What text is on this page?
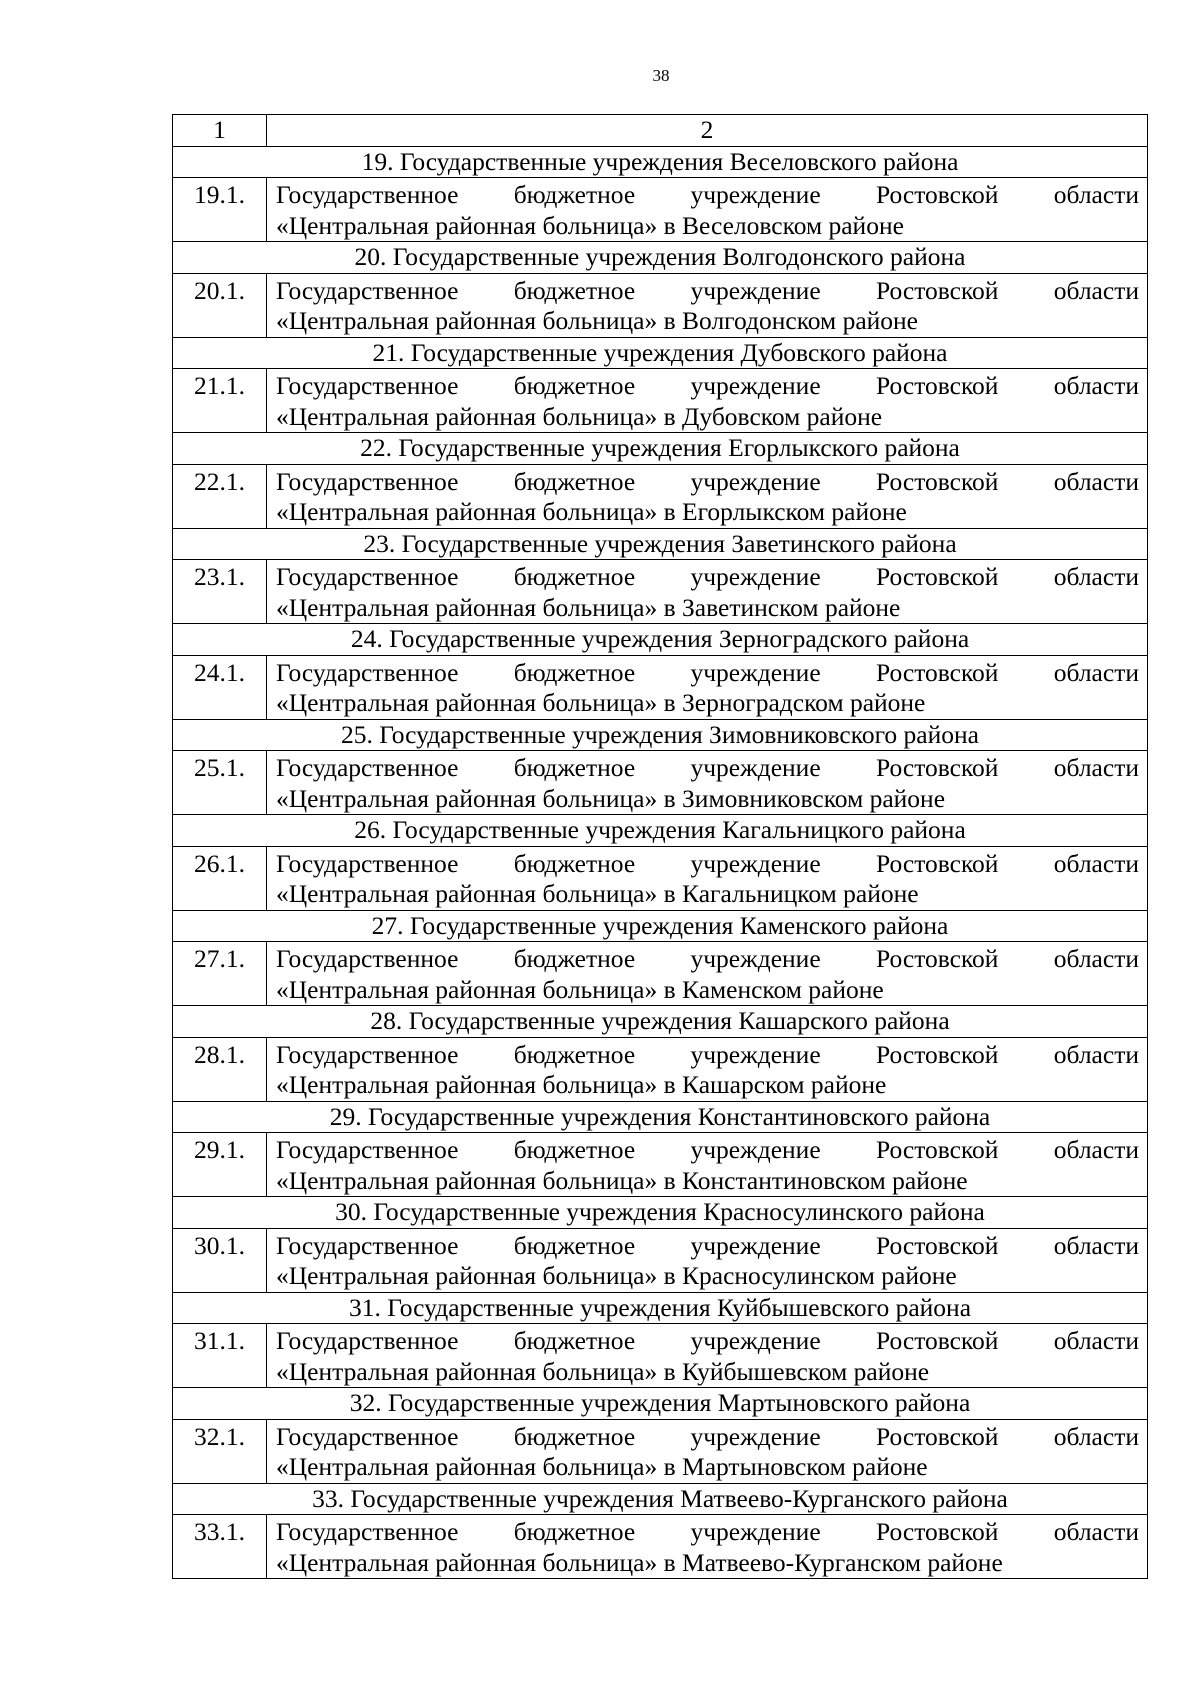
38
1	2
19. Государственные учреждения Веселовского района	
19.1.	Государственное бюджетное учреждение Ростовской области
«Центральная районная больница» в Веселовском районе

20. Государственные учреждения Волгодонского района	
20.1.	Государственное бюджетное учреждение Ростовской области
«Центральная районная больница» в Волгодонском районе

21. Государственные учреждения Дубовского района	
21.1.	Государственное бюджетное учреждение Ростовской области
«Центральная районная больница» в Дубовском районе

22. Государственные учреждения Егорлыкского района	
22.1.	Государственное бюджетное учреждение Ростовской области
«Центральная районная больница» в Егорлыкском районе

23. Государственные учреждения Заветинского района	
23.1.	Государственное бюджетное учреждение Ростовской области
«Центральная районная больница» в Заветинском районе

24. Государственные учреждения Зерноградского района	
24.1.	Государственное бюджетное учреждение Ростовской области
«Центральная районная больница» в Зерноградском районе

25. Государственные учреждения Зимовниковского района	
25.1.	Государственное бюджетное учреждение Ростовской области
«Центральная районная больница» в Зимовниковском районе

26. Государственные учреждения Кагальницкого района	
26.1.	Государственное бюджетное учреждение Ростовской области
«Центральная районная больница» в Кагальницком районе

27. Государственные учреждения Каменского района	
27.1.	Государственное бюджетное учреждение Ростовской области
«Центральная районная больница» в Каменском районе

28. Государственные учреждения Кашарского района	
28.1.	Государственное бюджетное учреждение Ростовской области
«Центральная районная больница» в Кашарском районе

29. Государственные учреждения Константиновского района	
29.1.	Государственное бюджетное учреждение Ростовской области
«Центральная районная больница» в Константиновском районе

30. Государственные учреждения Красносулинского района	
30.1.	Государственное бюджетное учреждение Ростовской области
«Центральная районная больница» в Красносулинском районе

31. Государственные учреждения Куйбышевского района	
31.1.	Государственное бюджетное учреждение Ростовской области
«Центральная районная больница» в Куйбышевском районе

32. Государственные учреждения Мартыновского района	
32.1.	Государственное бюджетное учреждение Ростовской области
«Центральная районная больница» в Мартыновском районе

33. Государственные учреждения Матвеево-Курганского района	
33.1.	Государственное бюджетное учреждение Ростовской области
«Центральная районная больница» в Матвеево-Курганском районе
